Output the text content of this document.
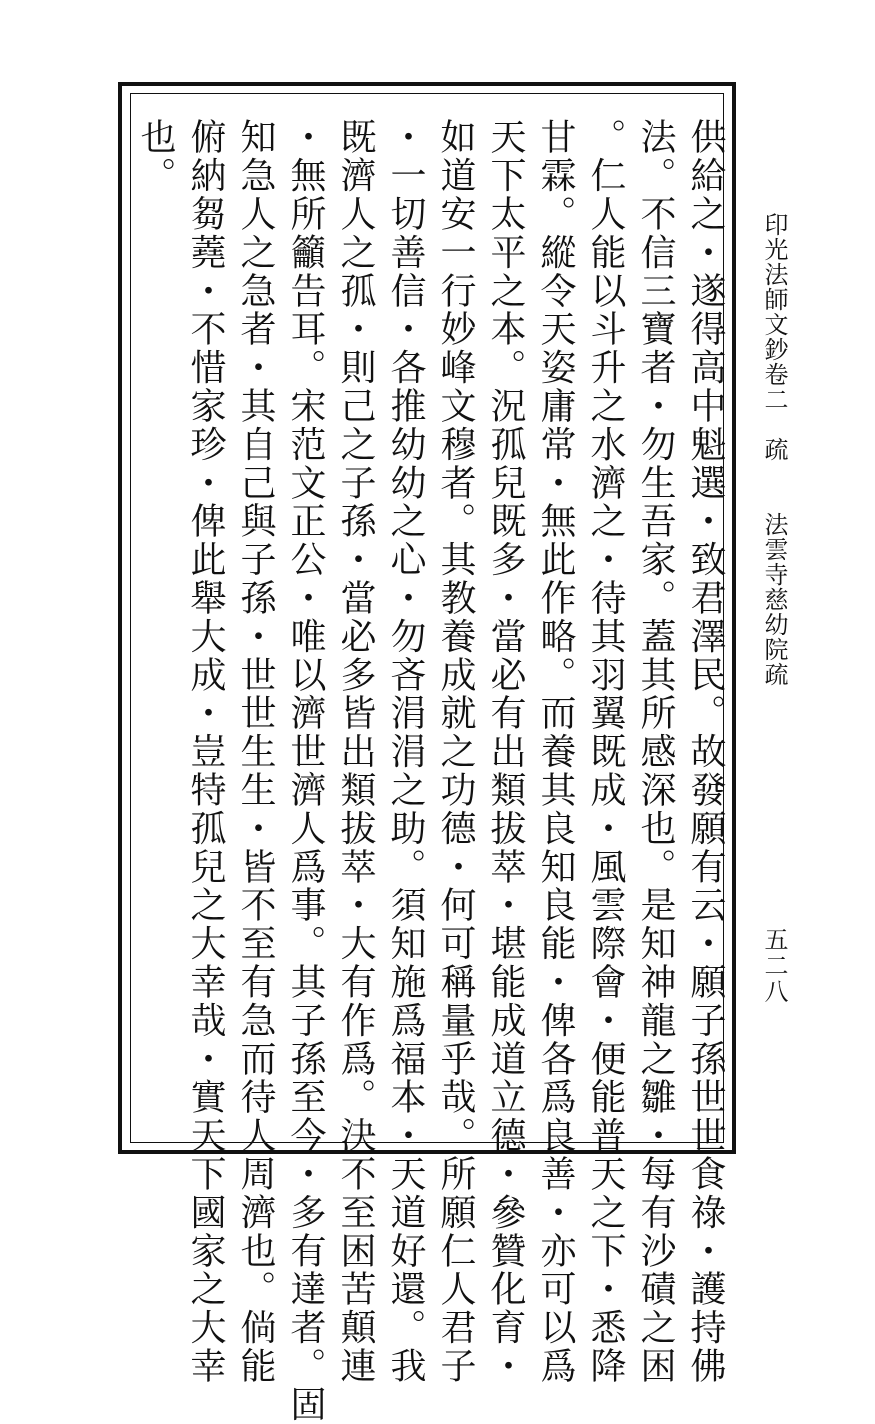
印光法師文鈔卷二　疏　　法雲寺慈幼院疏
五二八
供給之・遂得高中魁選・致君澤民。故發願有云・願子孫世世食祿・護持佛
法。不信三寶者・勿生吾家。蓋其所感深也。是知神龍之雛・每有沙磧之困
。仁人能以斗升之水濟之・待其羽翼既成・風雲際會・便能普天之下・悉降
甘霖。縱令天姿庸常・無此作略。而養其良知良能・俾各爲良善・亦可以爲
天下太平之本。況孤兒既多・當必有出類拔萃・堪能成道立德・參贊化育・
如道安一行妙峰文穆者。其教養成就之功德・何可稱量乎哉。所願仁人君子
・一切善信・各推幼幼之心・勿吝涓涓之助。須知施爲福本・天道好還。我
既濟人之孤・則己之子孫・當必多皆出類拔萃・大有作爲。決不至困苦顛連
・無所籲告耳。宋范文正公・唯以濟世濟人爲事。其子孫至今・多有達者。固
知急人之急者・其自己與子孫・世世生生・皆不至有急而待人周濟也。倘能
俯納芻蕘・不惜家珍・俾此舉大成・豈特孤兒之大幸哉・實天下國家之大幸
也。
